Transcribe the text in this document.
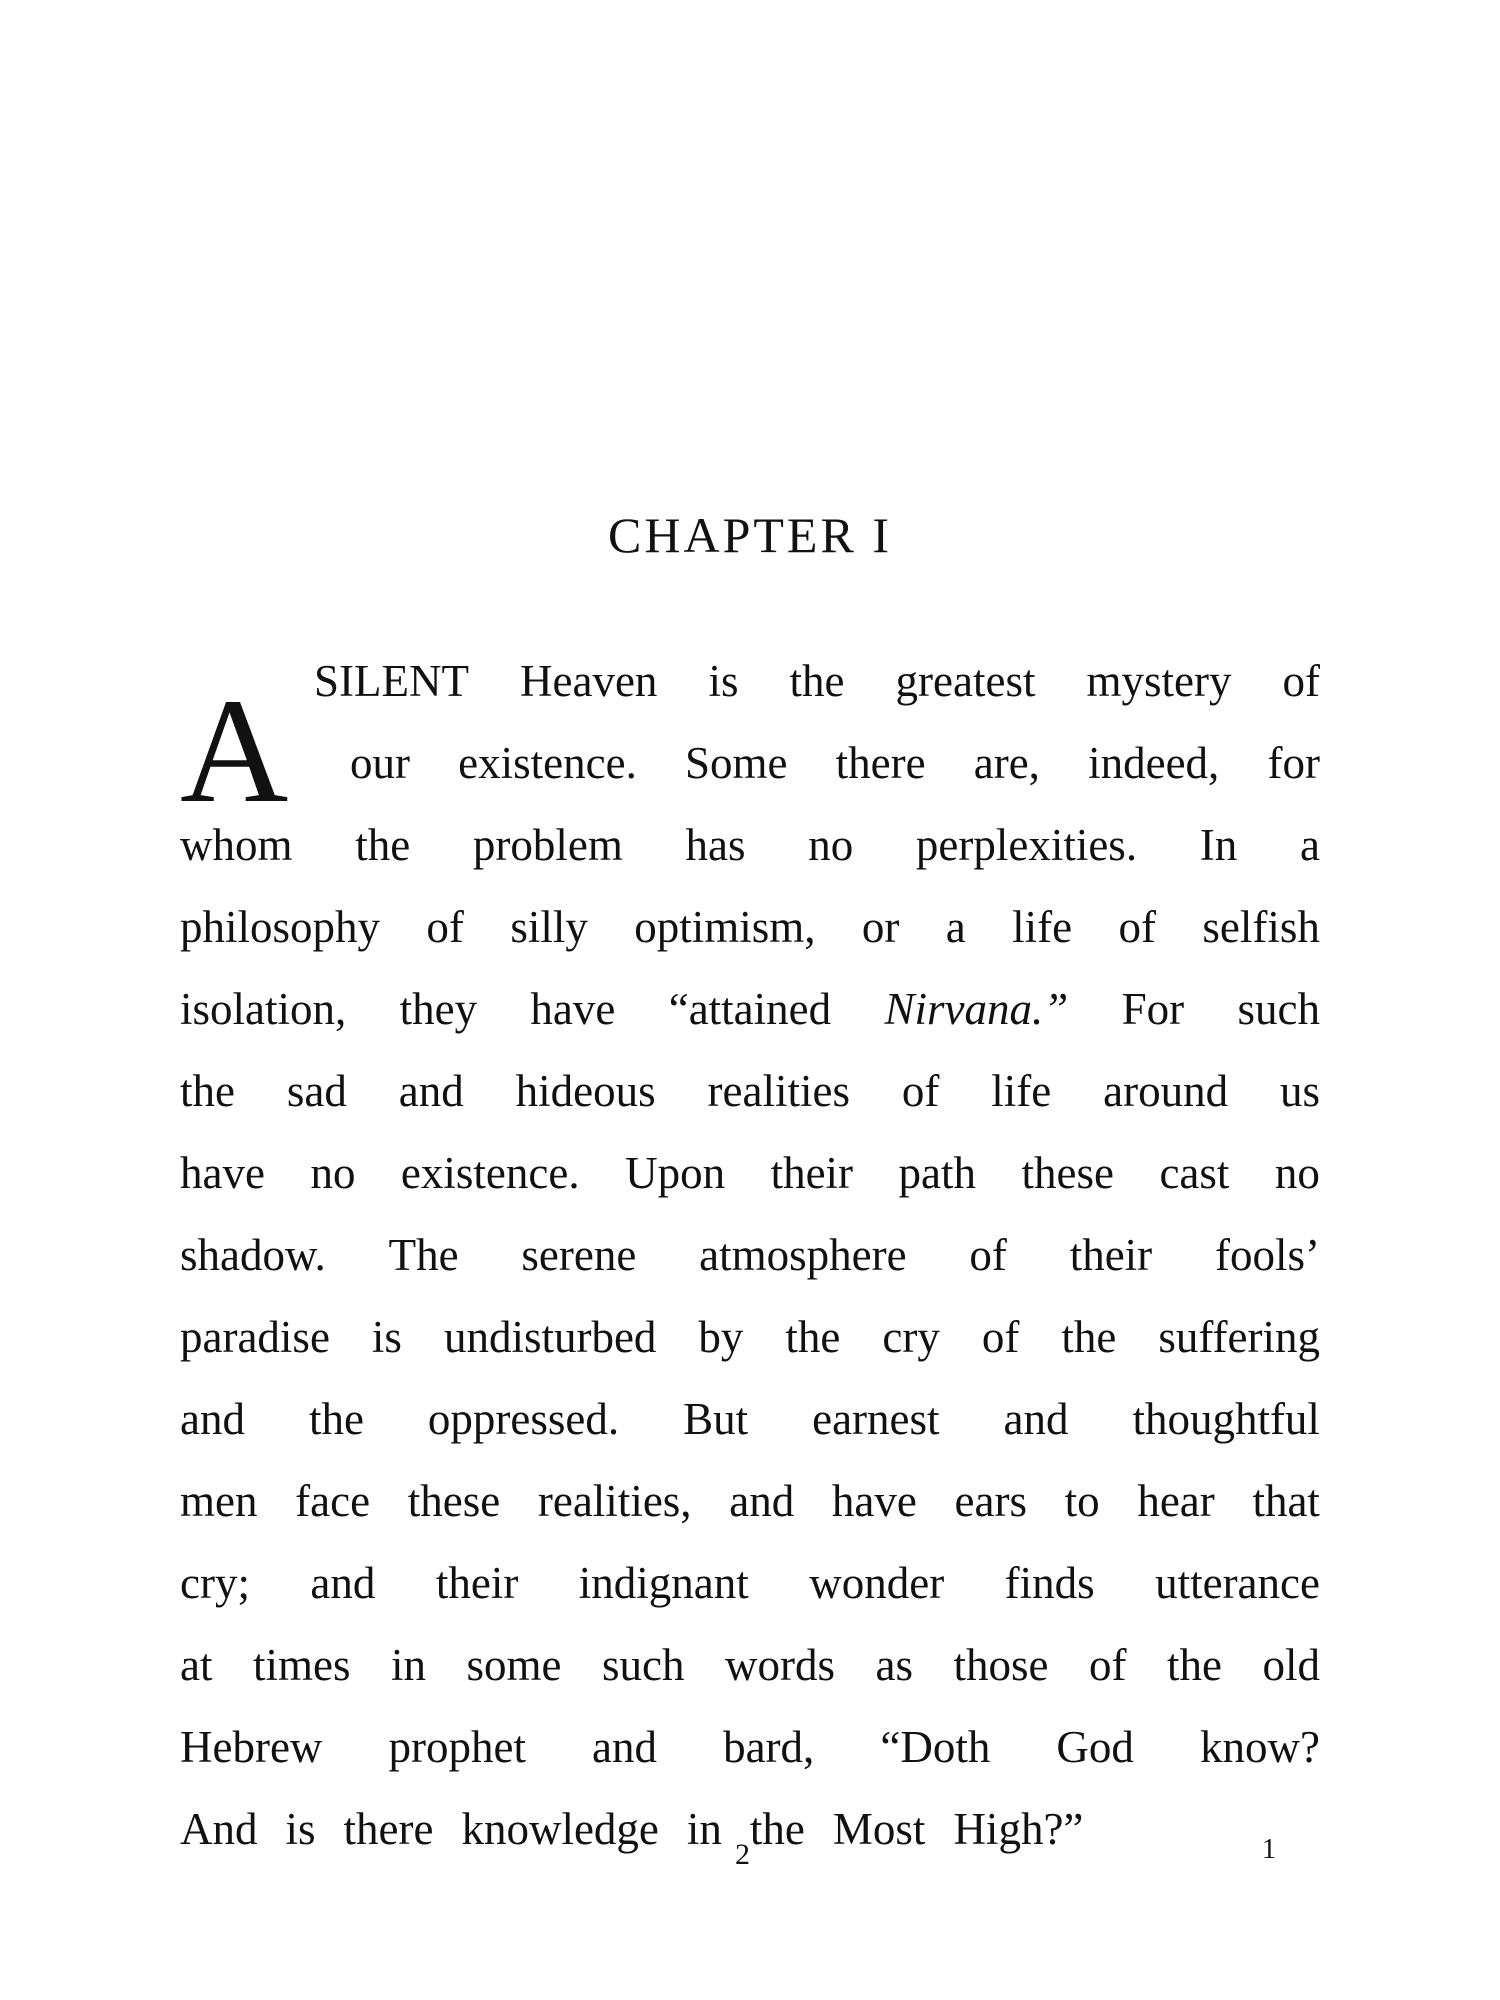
CHAPTER I
A SILENT Heaven is the greatest mystery of
our existence. Some there are, indeed, for
whom the problem has no perplexities. In a
philosophy of silly optimism, or a life of selfish
isolation, they have “attained Nirvana.” For such
the sad and hideous realities of life around us
have no existence. Upon their path these cast no
shadow. The serene atmosphere of their fools’
paradise is undisturbed by the cry of the suffering
and the oppressed. But earnest and thoughtful
men face these realities, and have ears to hear that
cry; and their indignant wonder finds utterance
at times in some such words as those of the old
Hebrew prophet and bard, “Doth God know?
And is there knowledge in the Most High?”
2	1
